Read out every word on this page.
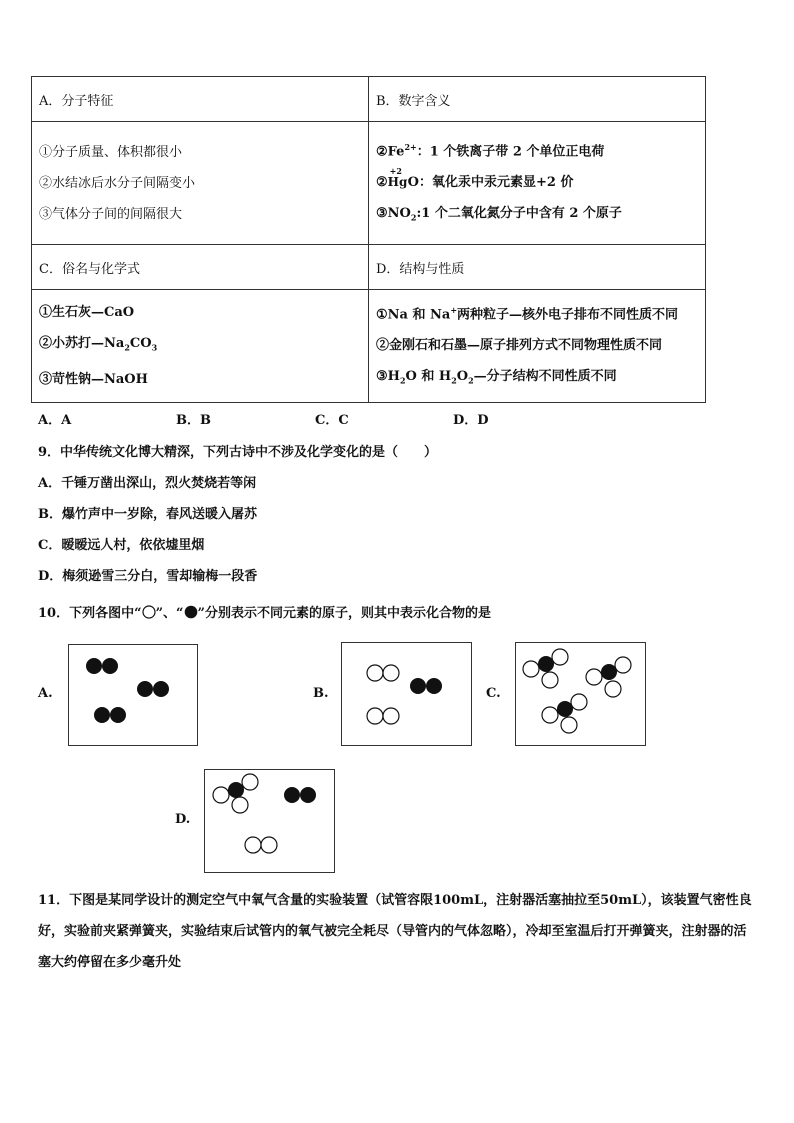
A．分子特征	B．数字含义

①分子质量、体积都很小
②水结冰后水分子间隔变小
③气体分子间的间隔很大	$②Fe^{2+}$：1 个铁离子带 2 个单位正电荷
②
+2
HgO：氧化汞中汞元素显+2 价
$③NO_2:1$ 个二氧化氮分子中含有 2 个原子

C．俗名与化学式	D．结构与性质

①生石灰—CaO
②小苏打$—Na_2CO_3$
③苛性钠—NaOH	①Na 和 Na+两种粒子—核外电子排布不同性质不同
②金刚石和石墨—原子排列方式不同物理性质不同
$③H_2O$ 和 $H_2O_2—$分子结构不同性质不同
A．A	B．B	C．C	D．D
9．中华传统文化博大精深，下列古诗中不涉及化学变化的是（　　）
A．千锤万凿出深山，烈火焚烧若等闲
B．爆竹声中一岁除，春风送暖入屠苏
C．暧暧远人村，依依墟里烟
D．梅须逊雪三分白，雪却输梅一段香
10．下列各图中“ ”、“ ”分别表示不同元素的原子，则其中表示化合物的是
A.	B.	C.
D.
11．下图是某同学设计的测定空气中氧气含量的实验装置（试管容限100mL，注射器活塞抽拉至50mL），该装置气密性良好，实验前夹紧弹簧夹，实验结束后试管内的氧气被完全耗尽（导管内的气体忽略），冷却至室温后打开弹簧夹，注射器的活塞大约停留在多少毫升处
